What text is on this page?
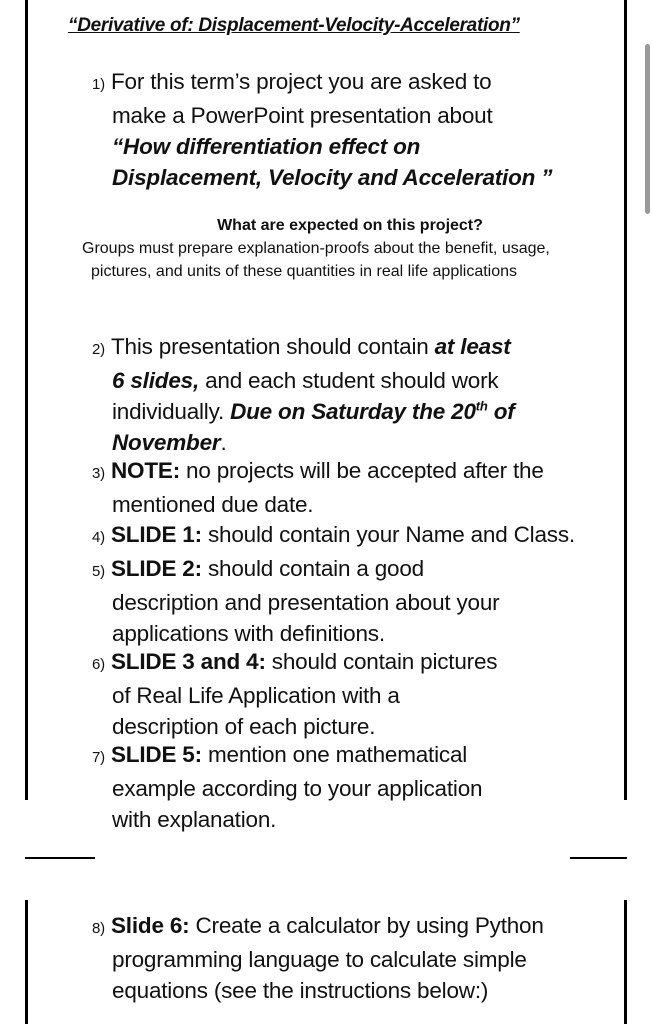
“Derivative of: Displacement-Velocity-Acceleration”
1) For this term’s project you are asked to
make a PowerPoint presentation about
“How differentiation effect on
Displacement, Velocity and Acceleration ”
What are expected on this project?
Groups must prepare explanation-proofs about the benefit, usage,
pictures, and units of these quantities in real life applications
2) This presentation should contain at least
6 slides, and each student should work
individually. Due on Saturday the 20th of
November.
3) NOTE: no projects will be accepted after the
mentioned due date.
4) SLIDE 1: should contain your Name and Class.
5) SLIDE 2: should contain a good
description and presentation about your
applications with definitions.
6) SLIDE 3 and 4: should contain pictures
of Real Life Application with a
description of each picture.
7) SLIDE 5: mention one mathematical
example according to your application
with explanation.
8) Slide 6: Create a calculator by using Python
programming language to calculate simple
equations (see the instructions below:)
